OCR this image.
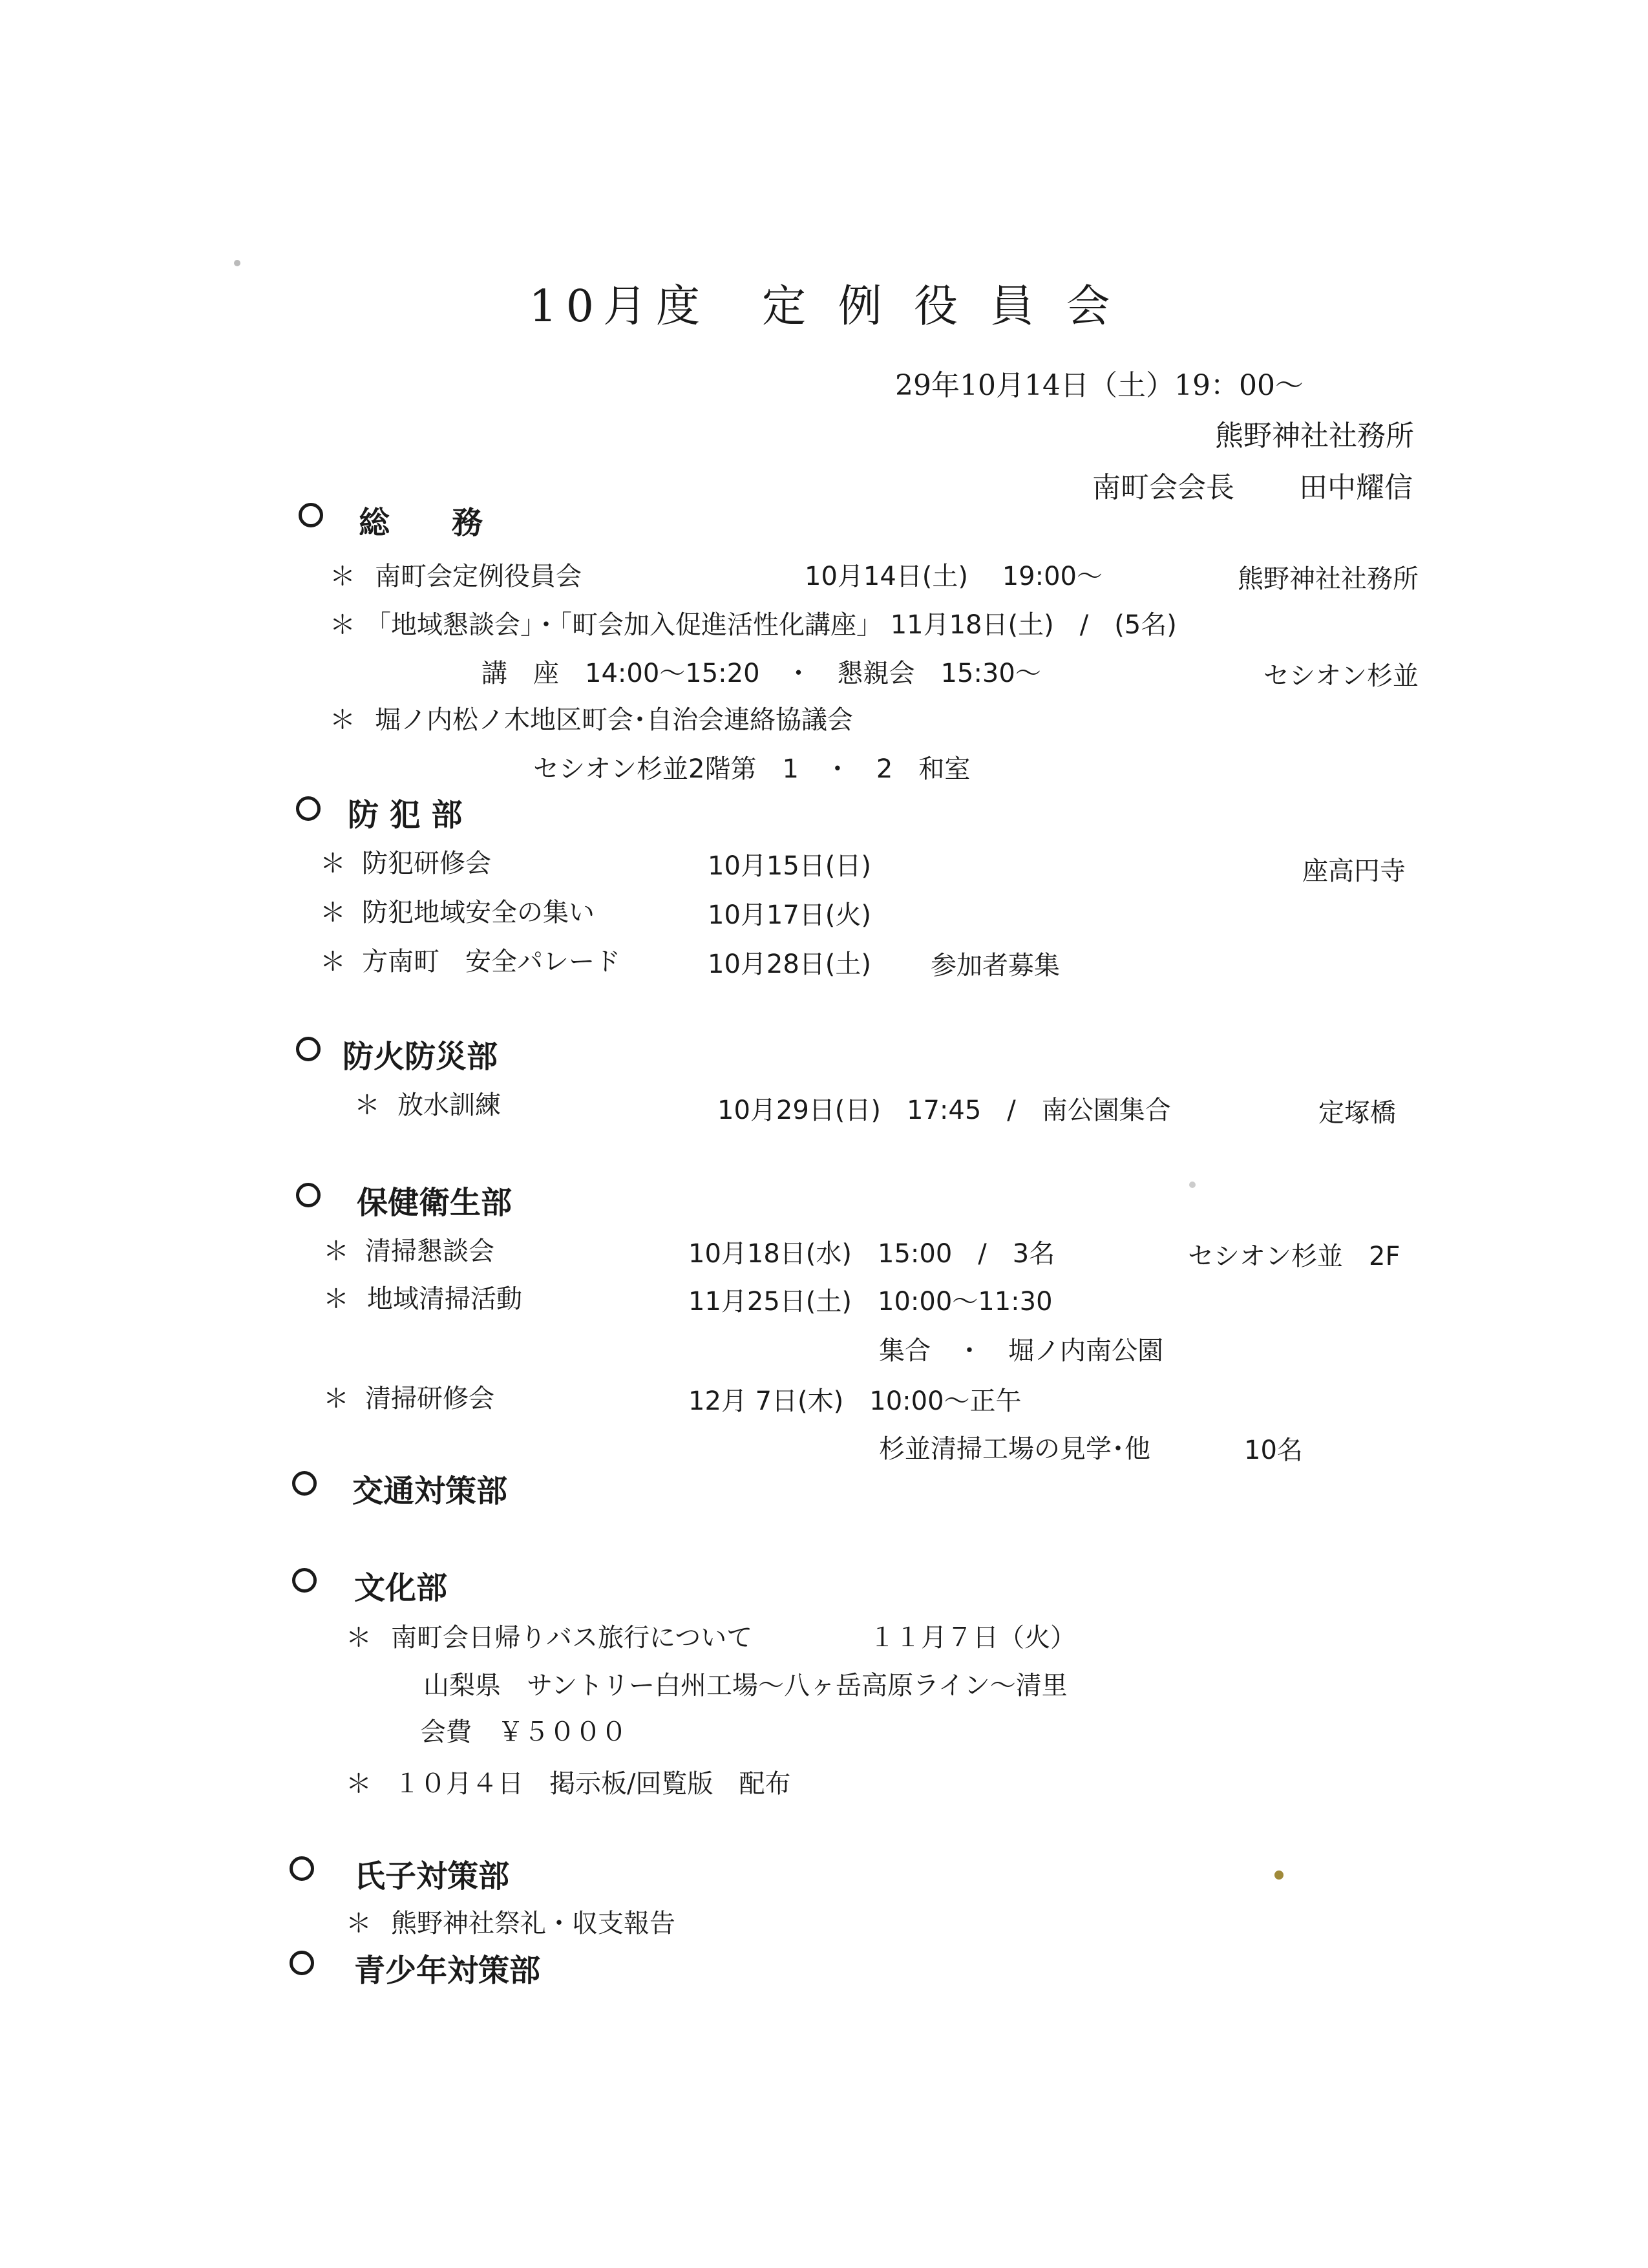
10月度　定 例 役 員 会
29年10月14日（土）19：00～
熊野神社社務所
南町会会長 田中耀信
総　　務
＊ 南町会定例役員会	10月14日(土)　 19:00～	熊野神社社務所
＊ 「地域懇談会」・「町会加入促進活性化講座」 11月18日(土)　/　(5名)
講　座　14:00～15:20　・　懇親会　15:30～	セシオン杉並
＊ 堀ノ内松ノ木地区町会･自治会連絡協議会
セシオン杉並2階第　1　・　2　和室
防 犯 部
＊ 防犯研修会	10月15日(日)	座高円寺
＊ 防犯地域安全の集い	10月17日(火)
＊ 方南町　安全パレード	10月28日(土) 参加者募集
防火防災部
＊ 放水訓練	10月29日(日)　17:45　/　南公園集合	定塚橋
保健衛生部
＊ 清掃懇談会	10月18日(水)　15:00　/　3名	セシオン杉並　2F
＊ 地域清掃活動	11月25日(土)　10:00～11:30
集合　・　堀ノ内南公園
＊ 清掃研修会	12月 7日(木)　10:00～正午
杉並清掃工場の見学･他	10名
交通対策部
文化部
＊ 南町会日帰りバス旅行について	１１月７日（火）
山梨県　サントリー白州工場～八ヶ岳高原ライン～清里
会費　￥５０００
＊ １０月４日　掲示板/回覧版　配布
氏子対策部
＊ 熊野神社祭礼・収支報告
青少年対策部
